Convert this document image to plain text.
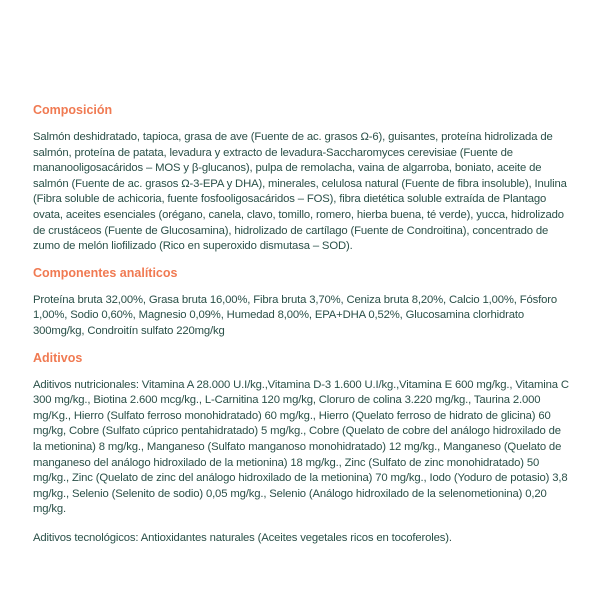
Composición

Salmón deshidratado, tapioca, grasa de ave (Fuente de ac. grasos Ω-6), guisantes, proteína hidrolizada de salmón, proteína de patata, levadura y extracto de levadura-Saccharomyces cerevisiae (Fuente de mananooligosacáridos – MOS y β-glucanos), pulpa de remolacha, vaina de algarroba, boniato, aceite de salmón (Fuente de ac. grasos Ω-3-EPA y DHA), minerales, celulosa natural (Fuente de fibra insoluble), Inulina (Fibra soluble de achicoria, fuente fosfooligosacáridos – FOS), fibra dietética soluble extraída de Plantago ovata, aceites esenciales (orégano, canela, clavo, tomillo, romero, hierba buena, té verde), yucca, hidrolizado de crustáceos (Fuente de Glucosamina), hidrolizado de cartílago (Fuente de Condroitina), concentrado de zumo de melón liofilizado (Rico en superoxido dismutasa – SOD).

Componentes analíticos

Proteína bruta 32,00%, Grasa bruta 16,00%, Fibra bruta 3,70%, Ceniza bruta 8,20%, Calcio 1,00%, Fósforo 1,00%, Sodio 0,60%, Magnesio 0,09%, Humedad 8,00%, EPA+DHA 0,52%, Glucosamina clorhidrato 300mg/kg, Condroitín sulfato 220mg/kg

Aditivos

Aditivos nutricionales: Vitamina A 28.000 U.I/kg.,Vitamina D-3 1.600 U.I/kg.,Vitamina E 600 mg/kg., Vitamina C 300 mg/kg., Biotina 2.600 mcg/kg., L-Carnitina 120 mg/kg, Cloruro de colina 3.220 mg/kg., Taurina 2.000 mg/Kg., Hierro (Sulfato ferroso monohidratado) 60 mg/kg., Hierro (Quelato ferroso de hidrato de glicina) 60 mg/kg, Cobre (Sulfato cúprico pentahidratado) 5 mg/kg., Cobre (Quelato de cobre del análogo hidroxilado de la metionina) 8 mg/kg., Manganeso (Sulfato manganoso monohidratado) 12 mg/kg., Manganeso (Quelato de manganeso del análogo hidroxilado de la metionina) 18 mg/kg., Zinc (Sulfato de zinc monohidratado) 50 mg/kg., Zinc (Quelato de zinc del análogo hidroxilado de la metionina) 70 mg/kg., Iodo (Yoduro de potasio) 3,8 mg/kg., Selenio (Selenito de sodio) 0,05 mg/kg., Selenio (Análogo hidroxilado de la selenometionina) 0,20 mg/kg.

Aditivos tecnológicos: Antioxidantes naturales (Aceites vegetales ricos en tocoferoles).
